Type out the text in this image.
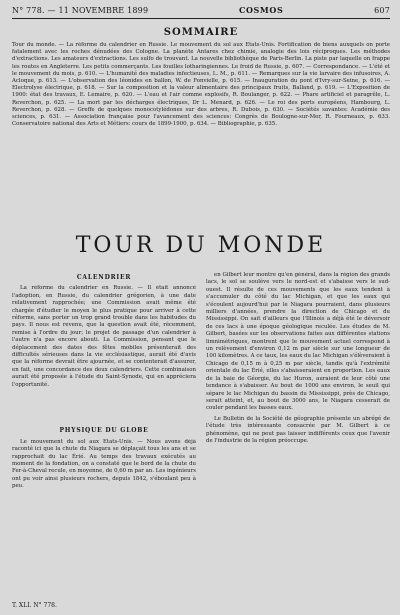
N° 778. — 11 NOVEMBRE 1899	COSMOS	607
SOMMAIRE

Tour du monde. — La réforme du calendrier en Russie. Le mouvement du sol aux États-Unis. Fortification de biens auxquels on porte fatalement avec les roches dénudées des Cologne. La planète Antares chez chimie, analogie des lois réciproques. Les méthodes d'extractions. Les amateurs d'extractions. Les sulfo de trouvant. La nouvelle bibliothèque de Paris-Berlin. La piste par laquelle on frappe les routes en Angleterre. Les petits commerçants. Les fouilles lotharingiennes. Le froid de Russie, p. 607. — Correspondance. — L'été et le mouvement du mois, p. 610. — L'humanité des maladies infectieuses, L. M., p. 611. — Remarques sur la vie larvaire des infusoires, A. Acloque, p. 613. — L'observation des léonides en ballon, W. de Fonvielle, p. 615. — Inauguration du pont d'Ivry-sur-Seine, p. 616. — Electrolyse électrique, p. 618. — Sur la composition et la valeur alimentaire des principaux fruits, Balland, p. 619. — L'Exposition de 1900: état des travaux, E. Lemaire, p. 620. — L'eau et l'air comme explosifs, R. Boulanger, p. 622. — Phare artificiel et paragrêle, L. Reverchon, p. 625. — La mort par les décharges électriques, Dr L. Menard, p. 626. — Le roi des ports européens, Hambourg, L. Reverchon, p. 628. — Greffe de quelques monocotylédones sur des arbres, R. Dubois, p. 630. — Sociétés savantes: Académie des sciences, p. 631. — Association française pour l'avancement des sciences: Congrès de Boulogne-sur-Mer, R. Fourneaux, p. 633. Conservatoire national des Arts et Métiers: cours de 1899-1900, p. 634. — Bibliographie, p. 635.

TOUR DU MONDE
CALENDRIER

La réforme du calendrier en Russie. — Il était annoncé l'adoption, en Russie, du calendrier grégorien, à une date relativement rapprochée; une Commission avait même été chargée d'étudier le moyen le plus pratique pour arriver à cette réforme, sans porter un trop grand trouble dans les habitudes du pays. Il nous est revenu, que la question avait été, récemment, remise à l'ordre du jour; le projet de passage d'un calendrier à l'autre n'a pas encore abouti. La Commission, pensant que le déplacement des dates des fêtes mobiles présenterait des difficultés sérieuses dans la vie ecclésiastique, aurait été d'avis que la réforme devrait être ajournée, et se contenterait d'assurer, en fait, une concordance des deux calendriers. Cette combinaison aurait été proposée à l'étude du Saint-Synode, qui en appréciera l'opportunité.

PHYSIQUE DU GLOBE

Le mouvement du sol aux États-Unis. — Nous avons déjà raconté ici que la chute du Niagara se déplaçait tous les ans et se rapprochait du lac Érié. Au temps des travaux exécutés au moment de la fondation, on a constaté que le bord de la chute du Fer-à-Cheval recule, en moyenne, de 0,60 m par an. Les ingénieurs ont pu voir ainsi plusieurs rochers, depuis 1842, s'éboulant peu à peu.

en Gilbert leur montre qu'en général, dans la région des grands lacs, le sol se soulève vers le nord-est et s'abaisse vers le sud-ouest. Il résulte de ces mouvements que les eaux tendent à s'accumuler du côté du lac Michigan, et que les eaux qui s'écoulent aujourd'hui par le Niagara pourraient, dans plusieurs milliers d'années, prendre la direction de Chicago et du Mississippi. On sait d'ailleurs que l'Illinois a déjà été le déversoir de ces lacs à une époque géologique reculée. Les études de M. Gilbert, basées sur les observations faites aux différentes stations limnimétriques, montrent que le mouvement actuel correspond à un relèvement d'environ 0,12 m par siècle sur une longueur de 100 kilomètres. A ce taux, les eaux du lac Michigan s'élèveraient à Chicago de 0,15 m à 0,25 m par siècle, tandis qu'à l'extrémité orientale du lac Érié, elles s'abaisseraient en proportion. Les eaux de la baie de Géorgie, du lac Huron, auraient de leur côté une tendance à s'abaisser. Au bout de 1000 ans environ, le seuil qui sépare le lac Michigan du bassin du Mississippi, près de Chicago, serait atteint, et, au bout de 3000 ans, le Niagara cesserait de couler pendant les basses eaux.

Le Bulletin de la Société de géographie présente un abrégé de l'étude très intéressante consacrée par M. Gilbert à ce phénomène, qui ne peut pas laisser indifférents ceux que l'avenir de l'industrie de la région préoccupe.

T. XLI. N° 778.
